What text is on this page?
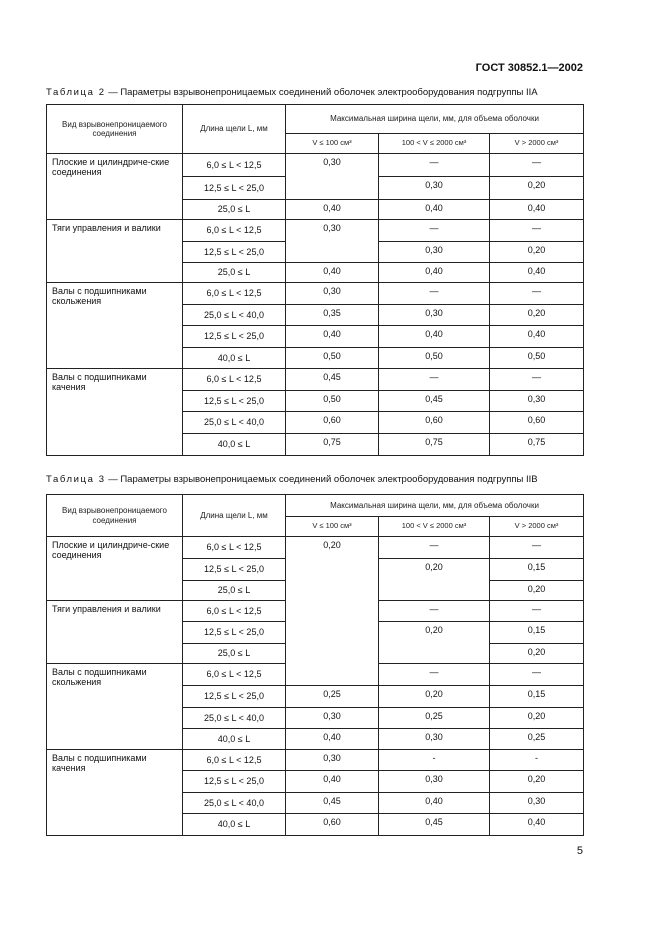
ГОСТ 30852.1—2002
Таблица 2 — Параметры взрывонепроницаемых соединений оболочек электрооборудования подгруппы IIA
Вид взрывонепроницаемого соединения	Длина щели L, мм	Максимальная ширина щели, мм, для объема оболочки		
		V ≤ 100 см³	100 < V ≤ 2000 см³	V > 2000 см³
Плоские и цилиндриче-ские соединения	6,0 ≤ L < 12,5	0,30	—	—
	12,5 ≤ L < 25,0		0,30	0,20
	25,0 ≤ L	0,40	0,40	0,40
Тяги управления и валики	6,0 ≤ L < 12,5	0,30	—	—
	12,5 ≤ L < 25,0		0,30	0,20
	25,0 ≤ L	0,40	0,40	0,40
Валы с подшипниками скольжения	6,0 ≤ L < 12,5	0,30	—	—
	25,0 ≤ L < 40,0	0,35	0,30	0,20
	12,5 ≤ L < 25,0	0,40	0,40	0,40
	40,0 ≤ L	0,50	0,50	0,50
Валы с подшипниками качения	6,0 ≤ L < 12,5	0,45	—	—
	12,5 ≤ L < 25,0	0,50	0,45	0,30
	25,0 ≤ L < 40,0	0,60	0,60	0,60
	40,0 ≤ L	0,75	0,75	0,75
Таблица 3 — Параметры взрывонепроницаемых соединений оболочек электрооборудования подгруппы IIB
Вид взрывонепроницаемого соединения	Длина щели L, мм	Максимальная ширина щели, мм, для объема оболочки		
		V ≤ 100 см³	100 < V ≤ 2000 см³	V > 2000 см³
Плоские и цилиндриче-ские соединения	6,0 ≤ L < 12,5	0,20	—	—
	12,5 ≤ L < 25,0		0,20	0,15
	25,0 ≤ L			0,20
Тяги управления и валики	6,0 ≤ L < 12,5		—	—
	12,5 ≤ L < 25,0		0,20	0,15
	25,0 ≤ L			0,20
Валы с подшипниками скольжения	6,0 ≤ L < 12,5		—	—
	12,5 ≤ L < 25,0	0,25	0,20	0,15
	25,0 ≤ L < 40,0	0,30	0,25	0,20
	40,0 ≤ L	0,40	0,30	0,25
Валы с подшипниками качения	6,0 ≤ L < 12,5	0,30	-	-
	12,5 ≤ L < 25,0	0,40	0,30	0,20
	25,0 ≤ L < 40,0	0,45	0,40	0,30
	40,0 ≤ L	0,60	0,45	0,40
5
